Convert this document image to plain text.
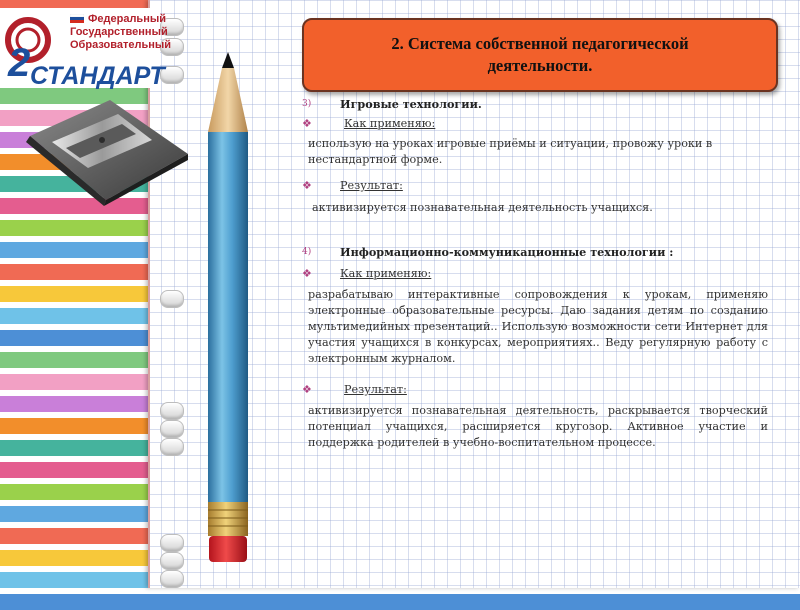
2
Федеральный
Государственный
Образовательный
СТАНДАРТ
2. Система собственной педагогической
деятельности.
3)	Игровые технологии.
❖	Как применяю:
использую на уроках игровые приёмы и ситуации, провожу уроки в нестандартной форме.
❖	Результат:
активизируется познавательная деятельность учащихся.
4)	Информационно-коммуникационные технологии :
❖	Как применяю:
разрабатываю интерактивные сопровождения к урокам, применяю электронные образовательные ресурсы. Даю задания детям по созданию мультимедийных презентаций.. Использую возможности сети Интернет для участия учащихся в конкурсах, мероприятиях.. Веду регулярную работу с электронным журналом.
❖	Результат:
активизируется познавательная деятельность, раскрывается творческий потенциал учащихся, расширяется кругозор. Активное участие и поддержка родителей в учебно-воспитательном процессе.
